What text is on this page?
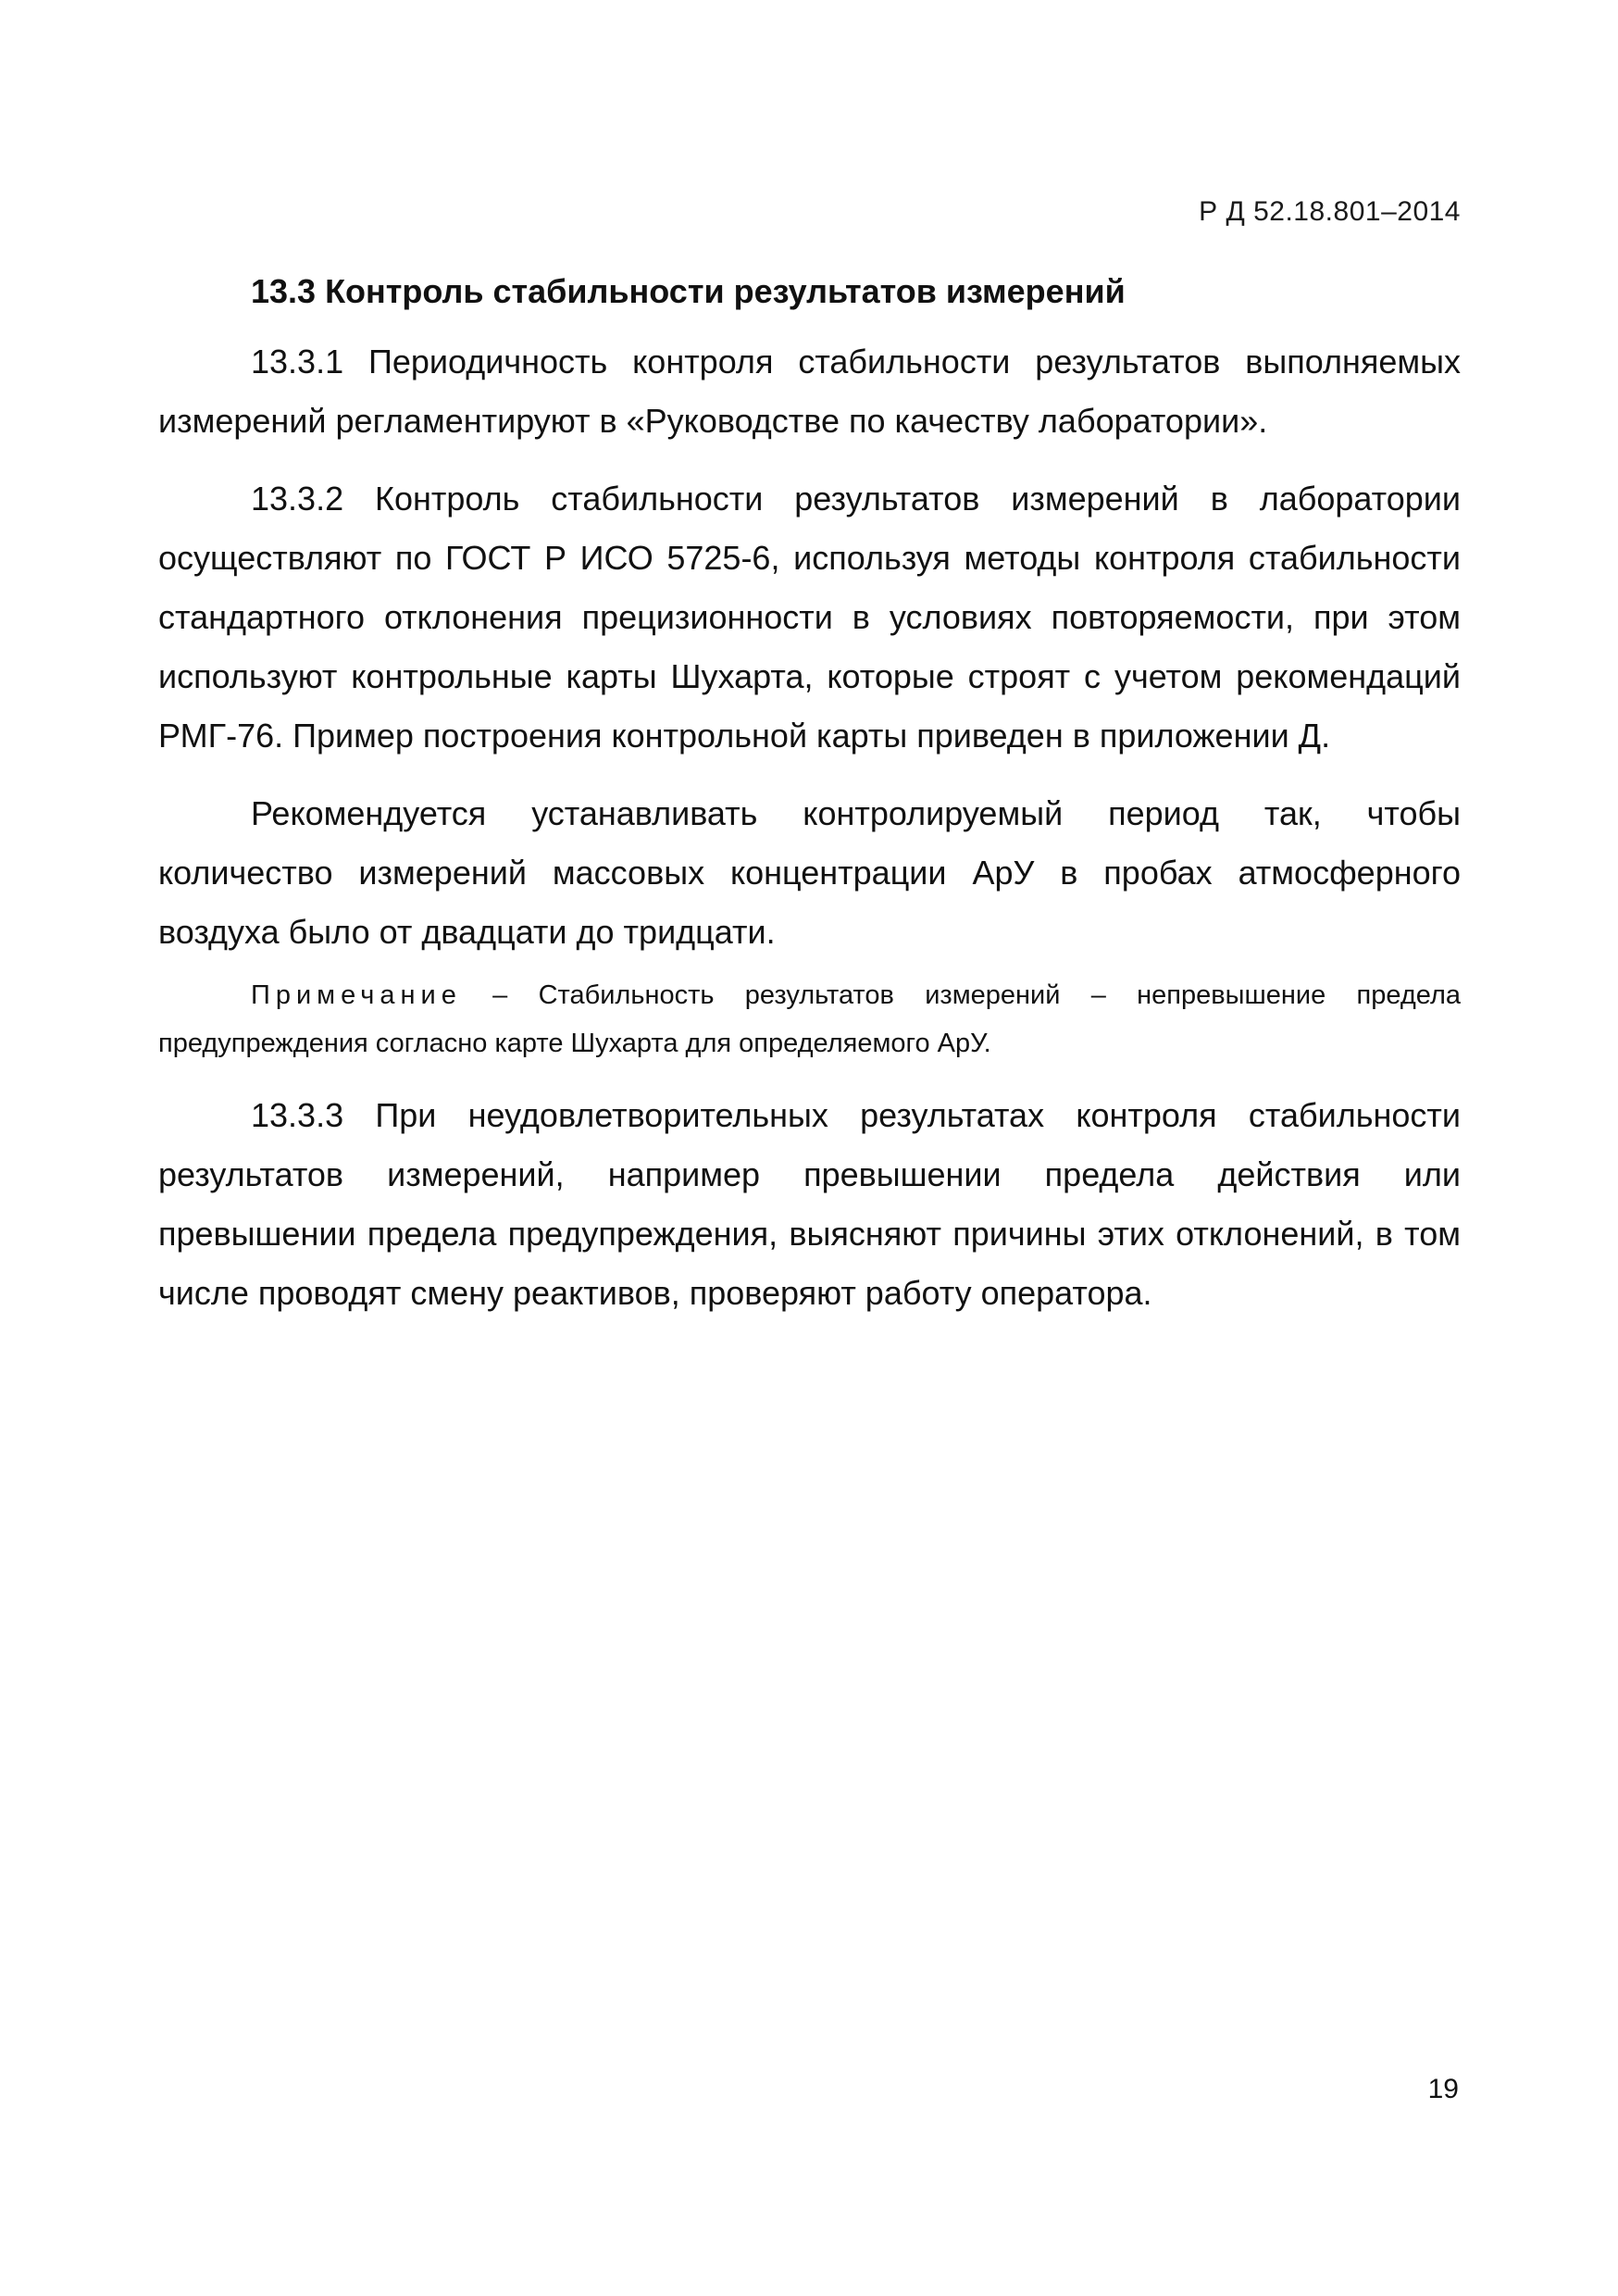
Р Д 52.18.801–2014
13.3 Контроль стабильности результатов измерений

13.3.1 Периодичность контроля стабильности результатов выполняемых измерений регламентируют в «Руководстве по качеству лаборатории».

13.3.2 Контроль стабильности результатов измерений в лаборатории осуществляют по ГОСТ Р ИСО 5725-6, используя методы контроля стабильности стандартного отклонения прецизионности в условиях повторяемости, при этом используют контрольные карты Шухарта, которые строят с учетом рекомендаций РМГ-76. Пример построения контрольной карты приведен в приложении Д.

Рекомендуется устанавливать контролируемый период так, чтобы количество измерений массовых концентрации АрУ в пробах атмосферного воздуха было от двадцати до тридцати.

Примечание – Стабильность результатов измерений – непревышение предела предупреждения согласно карте Шухарта для определяемого АрУ.

13.3.3 При неудовлетворительных результатах контроля стабильности результатов измерений, например превышении предела действия или превышении предела предупреждения, выясняют причины этих отклонений, в том числе проводят смену реактивов, проверяют работу оператора.

19
